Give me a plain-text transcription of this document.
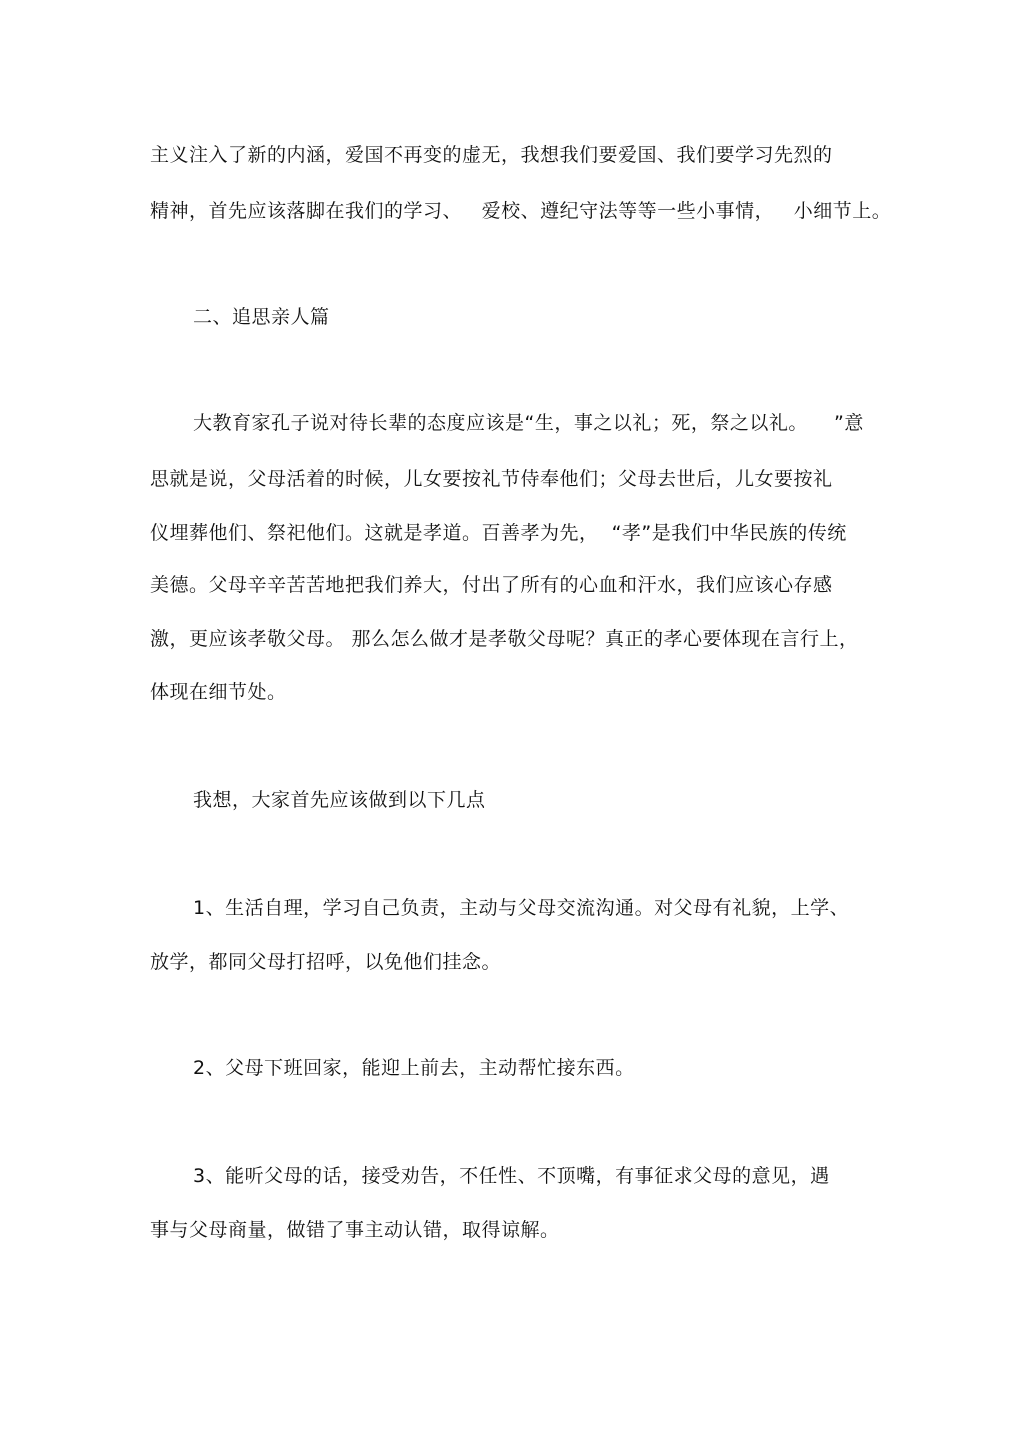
主义注入了新的内涵，爱国不再变的虚无，我想我们要爱国、我们要学习先烈的
精神，首先应该落脚在我们的学习、   爱校、遵纪守法等等一些小事情，   小细节上。
二、追思亲人篇
大教育家孔子说对待长辈的态度应该是“生，事之以礼；死，祭之以礼。    ”意
思就是说，父母活着的时候，儿女要按礼节侍奉他们；父母去世后，儿女要按礼
仪埋葬他们、祭祀他们。这就是孝道。百善孝为先，  “孝”是我们中华民族的传统
美德。父母辛辛苦苦地把我们养大，付出了所有的心血和汗水，我们应该心存感
激，更应该孝敬父母。 那么怎么做才是孝敬父母呢？真正的孝心要体现在言行上，
体现在细节处。
我想，大家首先应该做到以下几点
1、生活自理，学习自己负责，主动与父母交流沟通。对父母有礼貌，上学、
放学，都同父母打招呼，以免他们挂念。
2、父母下班回家，能迎上前去，主动帮忙接东西。
3、能听父母的话，接受劝告，不任性、不顶嘴，有事征求父母的意见，遇
事与父母商量，做错了事主动认错，取得谅解。
